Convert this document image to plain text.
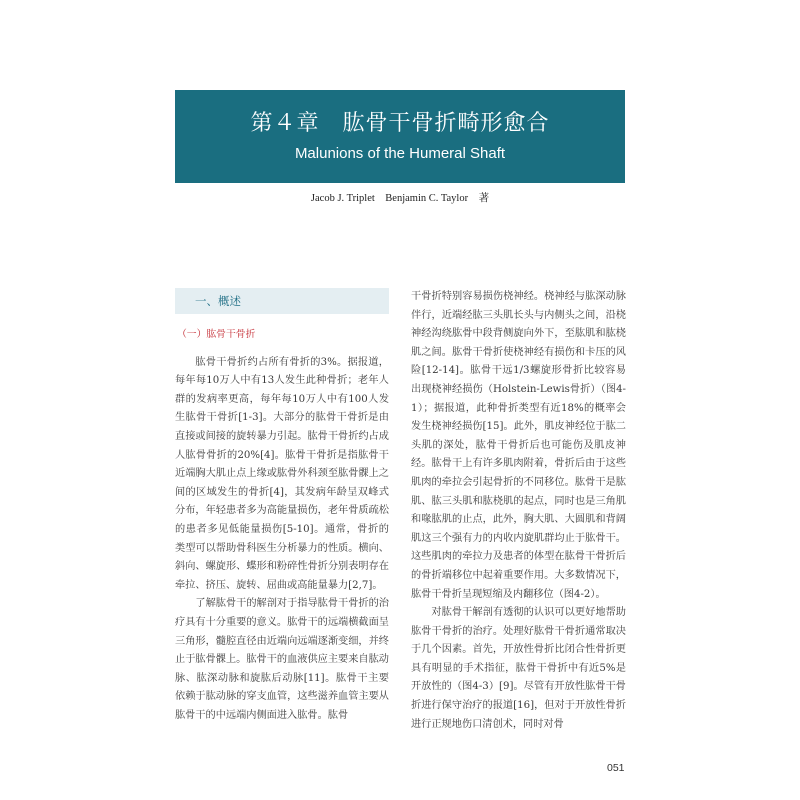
第４章　肱骨干骨折畸形愈合
Malunions of the Humeral Shaft
Jacob J. Triplet　Benjamin C. Taylor　著
一、概述
（一）肱骨干骨折

肱骨干骨折约占所有骨折的3%。据报道，每年每10万人中有13人发生此种骨折；老年人群的发病率更高，每年每10万人中有100人发生肱骨干骨折[1-3]。大部分的肱骨干骨折是由直接或间接的旋转暴力引起。肱骨干骨折约占成人肱骨骨折的20%[4]。肱骨干骨折是指肱骨干近端胸大肌止点上缘或肱骨外科颈至肱骨髁上之间的区域发生的骨折[4]，其发病年龄呈双峰式分布，年轻患者多为高能量损伤，老年骨质疏松的患者多见低能量损伤[5-10]。通常，骨折的类型可以帮助骨科医生分析暴力的性质。横向、斜向、螺旋形、蝶形和粉碎性骨折分别表明存在牵拉、挤压、旋转、屈曲或高能量暴力[2,7]。

了解肱骨干的解剖对于指导肱骨干骨折的治疗具有十分重要的意义。肱骨干的远端横截面呈三角形，髓腔直径由近端向远端逐渐变细，并终止于肱骨髁上。肱骨干的血液供应主要来自肱动脉、肱深动脉和旋肱后动脉[11]。肱骨干主要依赖于肱动脉的穿支血管，这些滋养血管主要从肱骨干的中远端内侧面进入肱骨。肱骨

干骨折特别容易损伤桡神经。桡神经与肱深动脉伴行，近端经肱三头肌长头与内侧头之间，沿桡神经沟绕肱骨中段背侧旋向外下，至肱肌和肱桡肌之间。肱骨干骨折使桡神经有损伤和卡压的风险[12-14]。肱骨干远1/3螺旋形骨折比较容易出现桡神经损伤（Holstein-Lewis骨折）（图4-1）；据报道，此种骨折类型有近18%的概率会发生桡神经损伤[15]。此外，肌皮神经位于肱二头肌的深处，肱骨干骨折后也可能伤及肌皮神经。肱骨干上有许多肌肉附着，骨折后由于这些肌肉的牵拉会引起骨折的不同移位。肱骨干是肱肌、肱三头肌和肱桡肌的起点，同时也是三角肌和喙肱肌的止点，此外，胸大肌、大圆肌和背阔肌这三个强有力的内收内旋肌群均止于肱骨干。这些肌肉的牵拉力及患者的体型在肱骨干骨折后的骨折端移位中起着重要作用。大多数情况下，肱骨干骨折呈现短缩及内翻移位（图4-2）。

对肱骨干解剖有透彻的认识可以更好地帮助肱骨干骨折的治疗。处理好肱骨干骨折通常取决于几个因素。首先，开放性骨折比闭合性骨折更具有明显的手术指征，肱骨干骨折中有近5%是开放性的（图4-3）[9]。尽管有开放性肱骨干骨折进行保守治疗的报道[16]，但对于开放性骨折进行正规地伤口清创术，同时对骨

051
